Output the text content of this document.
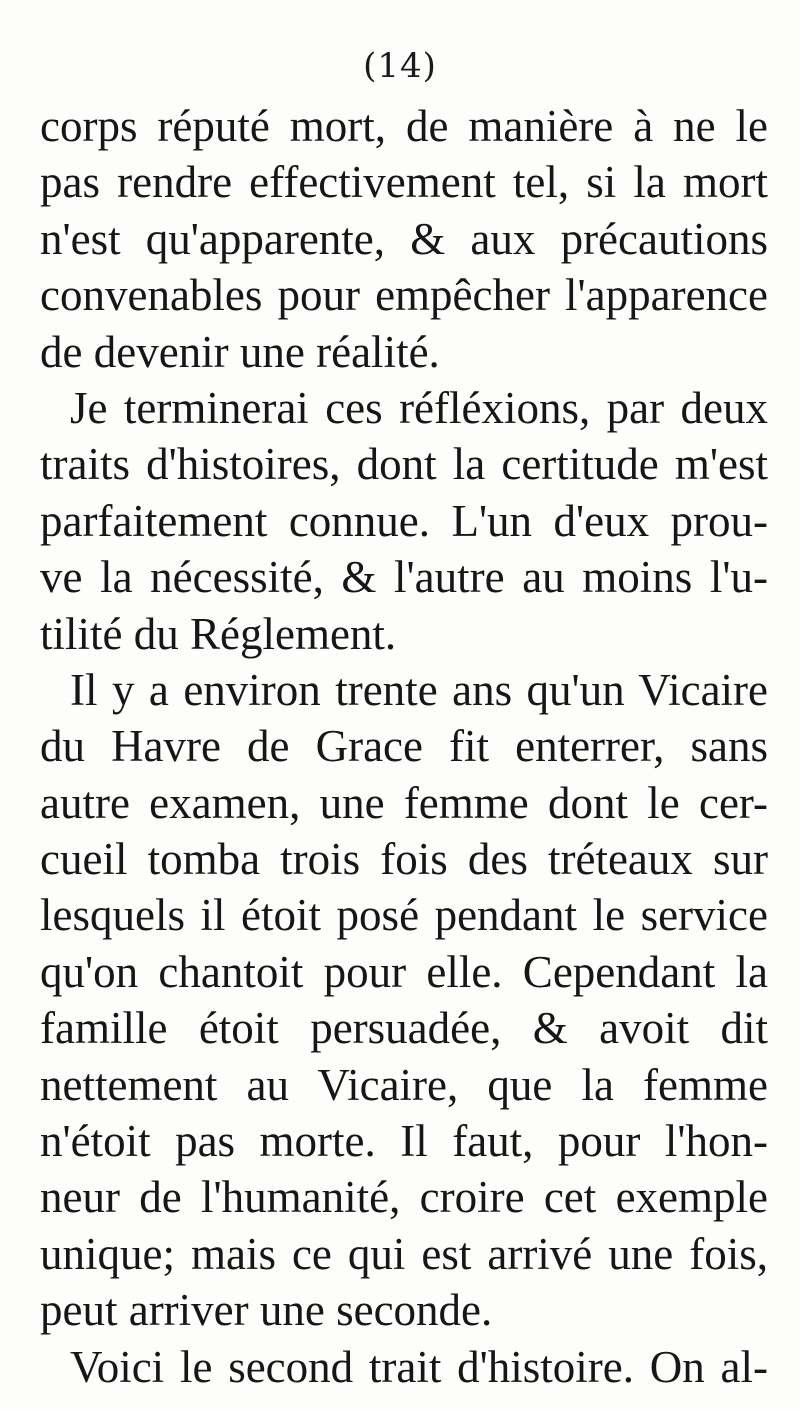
(14)
corps réputé mort, de manière à ne le
pas rendre effectivement tel, si la mort
n'est qu'apparente, & aux précautions
convenables pour empêcher l'apparence
de devenir une réalité.
Je terminerai ces réfléxions, par deux
traits d'histoires, dont la certitude m'est
parfaitement connue. L'un d'eux prou-
ve la nécessité, & l'autre au moins l'u-
tilité du Réglement.
Il y a environ trente ans qu'un Vicaire
du Havre de Grace fit enterrer, sans
autre examen, une femme dont le cer-
cueil tomba trois fois des tréteaux sur
lesquels il étoit posé pendant le service
qu'on chantoit pour elle. Cependant la
famille étoit persuadée, & avoit dit
nettement au Vicaire, que la femme
n'étoit pas morte. Il faut, pour l'hon-
neur de l'humanité, croire cet exemple
unique; mais ce qui est arrivé une fois,
peut arriver une seconde.
Voici le second trait d'histoire. On al-
